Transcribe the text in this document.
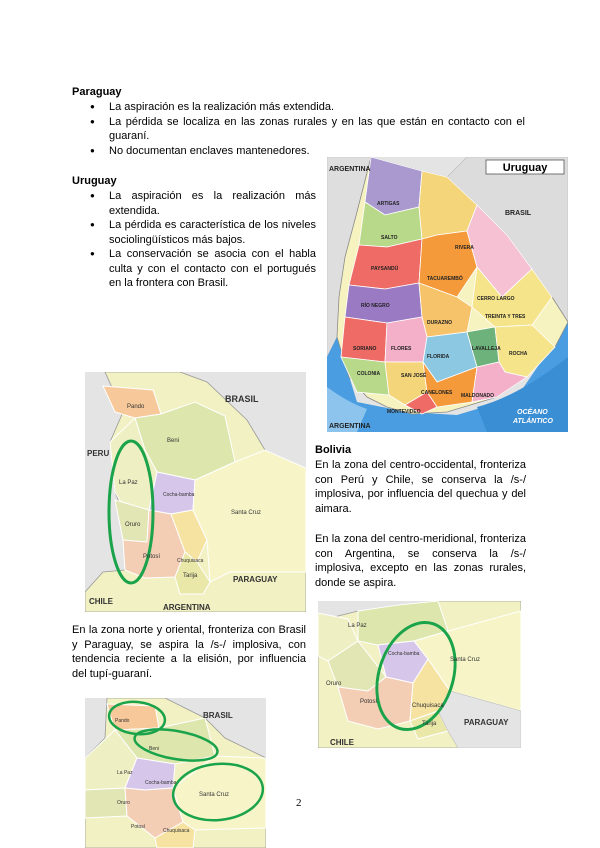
Paraguay
● La aspiración es la realización más extendida.
● La pérdida se localiza en las zonas rurales y en las que están en contacto con el guaraní.
● No documentan enclaves mantenedores.
Uruguay
● La aspiración es la realización más extendida.
● La pérdida es característica de los niveles sociolingüísticos más bajos.
● La conservación se asocia con el habla culta y con el contacto con el portugués en la frontera con Brasil.
Uruguay
ARGENTINA
ARGENTINA
BRASIL
OCÉANO
ATLÁNTICO
ARTIGAS
SALTO
RIVERA
PAYSANDÚ
TACUAREMBÓ
CERRO LARGO
RÍO NEGRO
TREINTA Y TRES
DURAZNO
SORIANO	FLORES
FLORIDA
LAVALLEJA
ROCHA
COLONIA	SAN JOSÉ
CANELONES MALDONADO
MONTEVIDEO
BRASIL
PERU
CHILE
ARGENTINA
PARAGUAY
Pando
Beni
La Paz
Cocha-bamba
Oruro
Santa Cruz
Potosí
Chuquisaca
Tarija
Bolivia
En la zona del centro-occidental, fronteriza con Perú y Chile, se conserva la /s-/ implosiva, por influencia del quechua y del aimara.
En la zona del centro-meridional, fronteriza con Argentina, se conserva la /s-/ implosiva, excepto en las zonas rurales, donde se aspira.
La Paz
Cocha-bamba
Oruro
Santa Cruz
Potosí
Chuquisaca
Tarija	PARAGUAY
CHILE
En la zona norte y oriental, fronteriza con Brasil y Paraguay, se aspira la /s-/ implosiva, con tendencia reciente a la elisión, por influencia del tupí-guaraní.
BRASIL
Pando
Beni
La Paz
Cocha-bamba
Oruro
Santa Cruz
Potosí
Chuquisaca
2
